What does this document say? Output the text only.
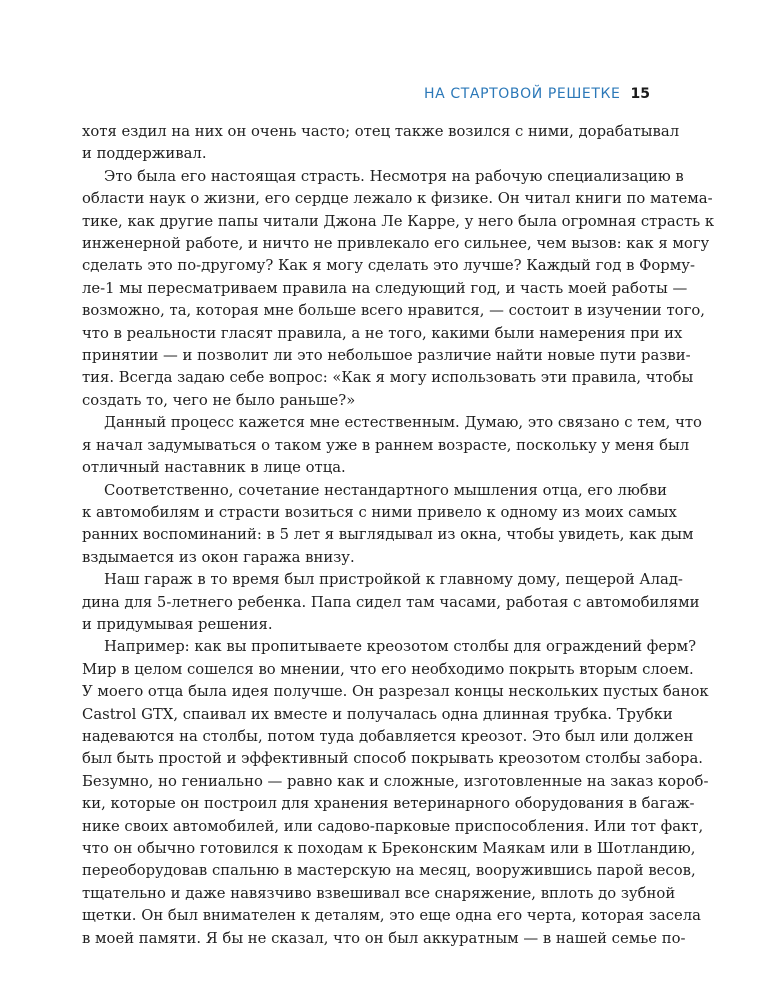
НА СТАРТОВОЙ РЕШЕТКЕ 15

хотя ездил на них он очень часто; отец также возился с ними, дорабатывал
и поддерживал.

Это была его настоящая страсть. Несмотря на рабочую специализацию в
области наук о жизни, его сердце лежало к физике. Он читал книги по матема-
тике, как другие папы читали Джона Ле Карре, у него была огромная страсть к
инженерной работе, и ничто не привлекало его сильнее, чем вызов: как я могу
сделать это по-другому? Как я могу сделать это лучше? Каждый год в Форму-
ле-1 мы пересматриваем правила на следующий год, и часть моей работы —
возможно, та, которая мне больше всего нравится, — состоит в изучении того,
что в реальности гласят правила, а не того, какими были намерения при их
принятии — и позволит ли это небольшое различие найти новые пути разви-
тия. Всегда задаю себе вопрос: «Как я могу использовать эти правила, чтобы
создать то, чего не было раньше?»

Данный процесс кажется мне естественным. Думаю, это связано с тем, что
я начал задумываться о таком уже в раннем возрасте, поскольку у меня был
отличный наставник в лице отца.

Соответственно, сочетание нестандартного мышления отца, его любви
к автомобилям и страсти возиться с ними привело к одному из моих самых
ранних воспоминаний: в 5 лет я выглядывал из окна, чтобы увидеть, как дым
вздымается из окон гаража внизу.

Наш гараж в то время был пристройкой к главному дому, пещерой Алад-
дина для 5-летнего ребенка. Папа сидел там часами, работая с автомобилями
и придумывая решения.

Например: как вы пропитываете креозотом столбы для ограждений ферм?
Мир в целом сошелся во мнении, что его необходимо покрыть вторым слоем.
У моего отца была идея получше. Он разрезал концы нескольких пустых банок
Castrol GTX, спаивал их вместе и получалась одна длинная трубка. Трубки
надеваются на столбы, потом туда добавляется креозот. Это был или должен
был быть простой и эффективный способ покрывать креозотом столбы забора.
Безумно, но гениально — равно как и сложные, изготовленные на заказ короб-
ки, которые он построил для хранения ветеринарного оборудования в багаж-
нике своих автомобилей, или садово-парковые приспособления. Или тот факт,
что он обычно готовился к походам к Брeконским Маякам или в Шотландию,
переоборудовав спальню в мастерскую на месяц, вооружившись парой весов,
тщательно и даже навязчиво взвешивал все снаряжение, вплоть до зубной
щетки. Он был внимателен к деталям, это еще одна его черта, которая засела
в моей памяти. Я бы не сказал, что он был аккуратным — в нашей семье по-
